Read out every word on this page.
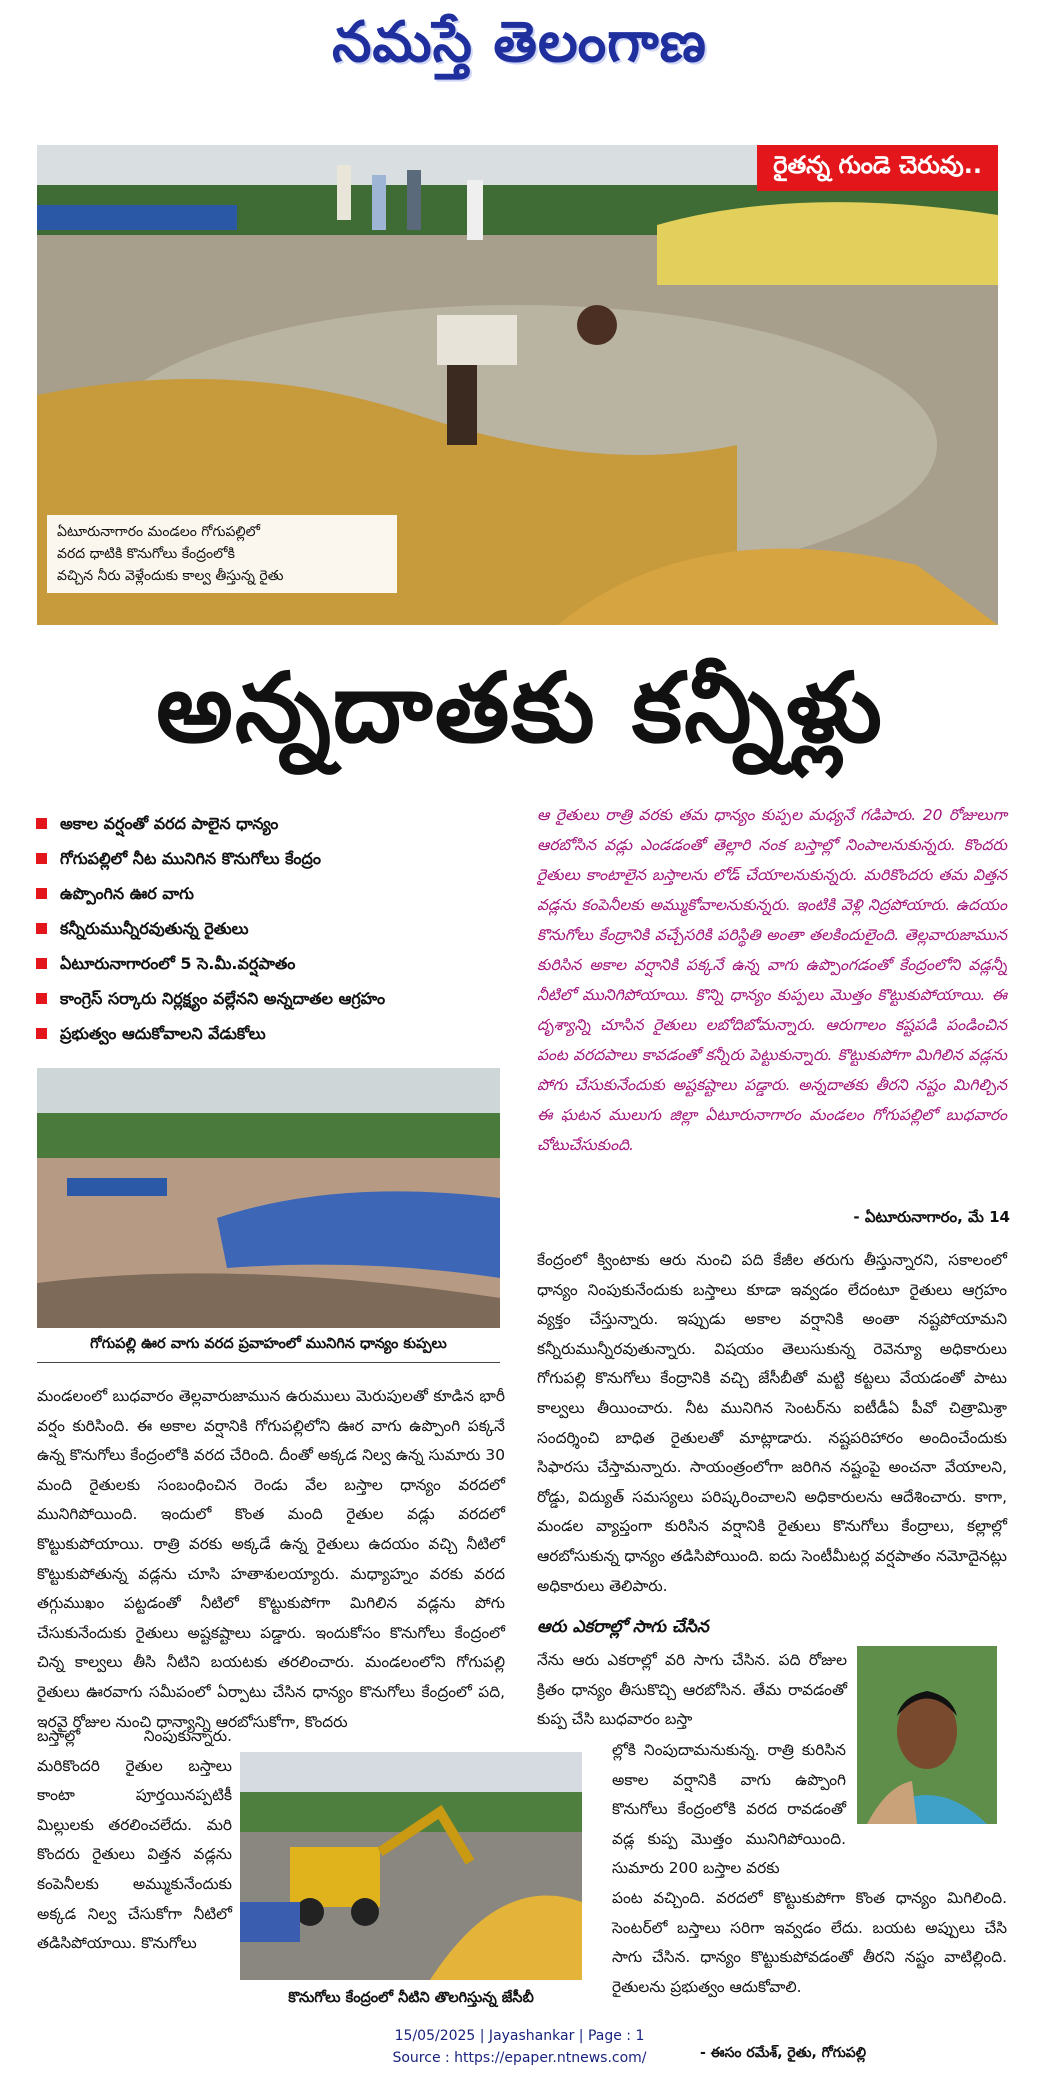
నమస్తే తెలంగాణ
రైతన్న గుండె చెరువు..
ఏటూరునాగారం మండలం గోగుపల్లిలో
వరద ధాటికి కొనుగోలు కేంద్రంలోకి
వచ్చిన నీరు వెళ్లేందుకు కాల్వ తీస్తున్న రైతు
అన్నదాతకు కన్నీళ్లు
అకాల వర్షంతో వరద పాలైన ధాన్యం
గోగుపల్లిలో నీట మునిగిన కొనుగోలు కేంద్రం
ఉప్పొంగిన ఊర వాగు
కన్నీరుమున్నీరవుతున్న రైతులు
ఏటూరునాగారంలో 5 సె.మీ.వర్షపాతం
కాంగ్రెస్ సర్కారు నిర్లక్ష్యం వల్లేనని అన్నదాతల ఆగ్రహం
ప్రభుత్వం ఆదుకోవాలని వేడుకోలు
ఆ రైతులు రాత్రి వరకు తమ ధాన్యం కుప్పల మధ్యనే గడిపారు. 20 రోజులుగా ఆరబోసిన వడ్లు ఎండడంతో తెల్లారి నంక బస్తాల్లో నింపాలనుకున్నరు. కొందరు రైతులు కాంటాలైన బస్తాలను లోడ్ చేయాలనుకున్నరు. మరికొందరు తమ విత్తన వడ్లను కంపెనీలకు అమ్ముకోవాలనుకున్నరు. ఇంటికి వెళ్లి నిద్రపోయారు. ఉదయం కొనుగోలు కేంద్రానికి వచ్చేసరికి పరిస్థితి అంతా తలకిందులైంది. తెల్లవారుజామున కురిసిన అకాల వర్షానికి పక్కనే ఉన్న వాగు ఉప్పొంగడంతో కేంద్రంలోని వడ్లన్నీ నీటిలో మునిగిపోయాయి. కొన్ని ధాన్యం కుప్పలు మొత్తం కొట్టుకుపోయాయి. ఈ దృశ్యాన్ని చూసిన రైతులు లబోదిబోమన్నారు. ఆరుగాలం కష్టపడి పండించిన పంట వరదపాలు కావడంతో కన్నీరు పెట్టుకున్నారు. కొట్టుకుపోగా మిగిలిన వడ్లను పోగు చేసుకునేందుకు అష్టకష్టాలు పడ్డారు. అన్నదాతకు తీరని నష్టం మిగిల్చిన ఈ ఘటన ములుగు జిల్లా ఏటూరునాగారం మండలం గోగుపల్లిలో బుధవారం చోటుచేసుకుంది.
- ఏటూరునాగారం, మే 14
గోగుపల్లి ఊర వాగు వరద ప్రవాహంలో మునిగిన ధాన్యం కుప్పలు
మండలంలో బుధవారం తెల్లవారుజామున ఉరుములు మెరుపులతో కూడిన భారీ వర్షం కురిసింది. ఈ అకాల వర్షానికి గోగుపల్లిలోని ఊర వాగు ఉప్పొంగి పక్కనే ఉన్న కొనుగోలు కేంద్రంలోకి వరద చేరింది. దీంతో అక్కడ నిల్వ ఉన్న సుమారు 30 మంది రైతులకు సంబంధించిన రెండు వేల బస్తాల ధాన్యం వరదలో మునిగిపోయింది. ఇందులో కొంత మంది రైతుల వడ్లు వరదలో కొట్టుకుపోయాయి. రాత్రి వరకు అక్కడే ఉన్న రైతులు ఉదయం వచ్చి నీటిలో కొట్టుకుపోతున్న వడ్లను చూసి హతాశులయ్యారు. మధ్యాహ్నం వరకు వరద తగ్గుముఖం పట్టడంతో నీటిలో కొట్టుకుపోగా మిగిలిన వడ్లను పోగు చేసుకునేందుకు రైతులు అష్టకష్టాలు పడ్డారు. ఇందుకోసం కొనుగోలు కేంద్రంలో చిన్న కాల్వలు తీసి నీటిని బయటకు తరలించారు. మండలంలోని గోగుపల్లి రైతులు ఊరవాగు సమీపంలో ఏర్పాటు చేసిన ధాన్యం కొనుగోలు కేంద్రంలో పది, ఇరవై రోజుల నుంచి ధాన్యాన్ని ఆరబోసుకోగా, కొందరు
బస్తాల్లో నింపుకున్నారు. మరికొందరి రైతుల బస్తాలు కాంటా పూర్తయినప్పటికీ మిల్లులకు తరలించలేదు. మరి కొందరు రైతులు విత్తన వడ్లను కంపెనీలకు అమ్ముకునేందుకు అక్కడ నిల్వ చేసుకోగా నీటిలో తడిసిపోయాయి. కొనుగోలు
కొనుగోలు కేంద్రంలో నీటిని తొలగిస్తున్న జేసీబీ
కేంద్రంలో క్వింటాకు ఆరు నుంచి పది కేజీల తరుగు తీస్తున్నారని, సకాలంలో ధాన్యం నింపుకునేందుకు బస్తాలు కూడా ఇవ్వడం లేదంటూ రైతులు ఆగ్రహం వ్యక్తం చేస్తున్నారు. ఇప్పుడు అకాల వర్షానికి అంతా నష్టపోయామని కన్నీరుమున్నీరవుతున్నారు. విషయం తెలుసుకున్న రెవెన్యూ అధికారులు గోగుపల్లి కొనుగోలు కేంద్రానికి వచ్చి జేసీబీతో మట్టి కట్టలు వేయడంతో పాటు కాల్వలు తీయించారు. నీట మునిగిన సెంటర్‌ను ఐటీడీఏ పీవో చిత్రామిశ్రా సందర్శించి బాధిత రైతులతో మాట్లాడారు. నష్టపరిహారం అందించేందుకు సిఫారసు చేస్తామన్నారు. సాయంత్రంలోగా జరిగిన నష్టంపై అంచనా వేయాలని, రోడ్డు, విద్యుత్ సమస్యలు పరిష్కరించాలని అధికారులను ఆదేశించారు. కాగా, మండల వ్యాప్తంగా కురిసిన వర్షానికి రైతులు కొనుగోలు కేంద్రాలు, కల్లాల్లో ఆరబోసుకున్న ధాన్యం తడిసిపోయింది. ఐదు సెంటీమీటర్ల వర్షపాతం నమోదైనట్లు అధికారులు తెలిపారు.
ఆరు ఎకరాల్లో సాగు చేసిన
నేను ఆరు ఎకరాల్లో వరి సాగు చేసిన. పది రోజుల క్రితం ధాన్యం తీసుకొచ్చి ఆరబోసిన. తేమ రావడంతో కుప్ప చేసి బుధవారం బస్తా
ల్లోకి నింపుదామనుకున్న. రాత్రి కురిసిన అకాల వర్షానికి వాగు ఉప్పొంగి కొనుగోలు కేంద్రంలోకి వరద రావడంతో వడ్ల కుప్ప మొత్తం మునిగిపోయింది. సుమారు 200 బస్తాల వరకు
పంట వచ్చింది. వరదలో కొట్టుకుపోగా కొంత ధాన్యం మిగిలింది. సెంటర్‌లో బస్తాలు సరిగా ఇవ్వడం లేదు. బయట అప్పులు చేసి సాగు చేసిన. ధాన్యం కొట్టుకుపోవడంతో తీరని నష్టం వాటిల్లింది. రైతులను ప్రభుత్వం ఆదుకోవాలి.
- ఈసం రమేశ్, రైతు, గోగుపల్లి
15/05/2025 | Jayashankar | Page : 1
Source : https://epaper.ntnews.com/
